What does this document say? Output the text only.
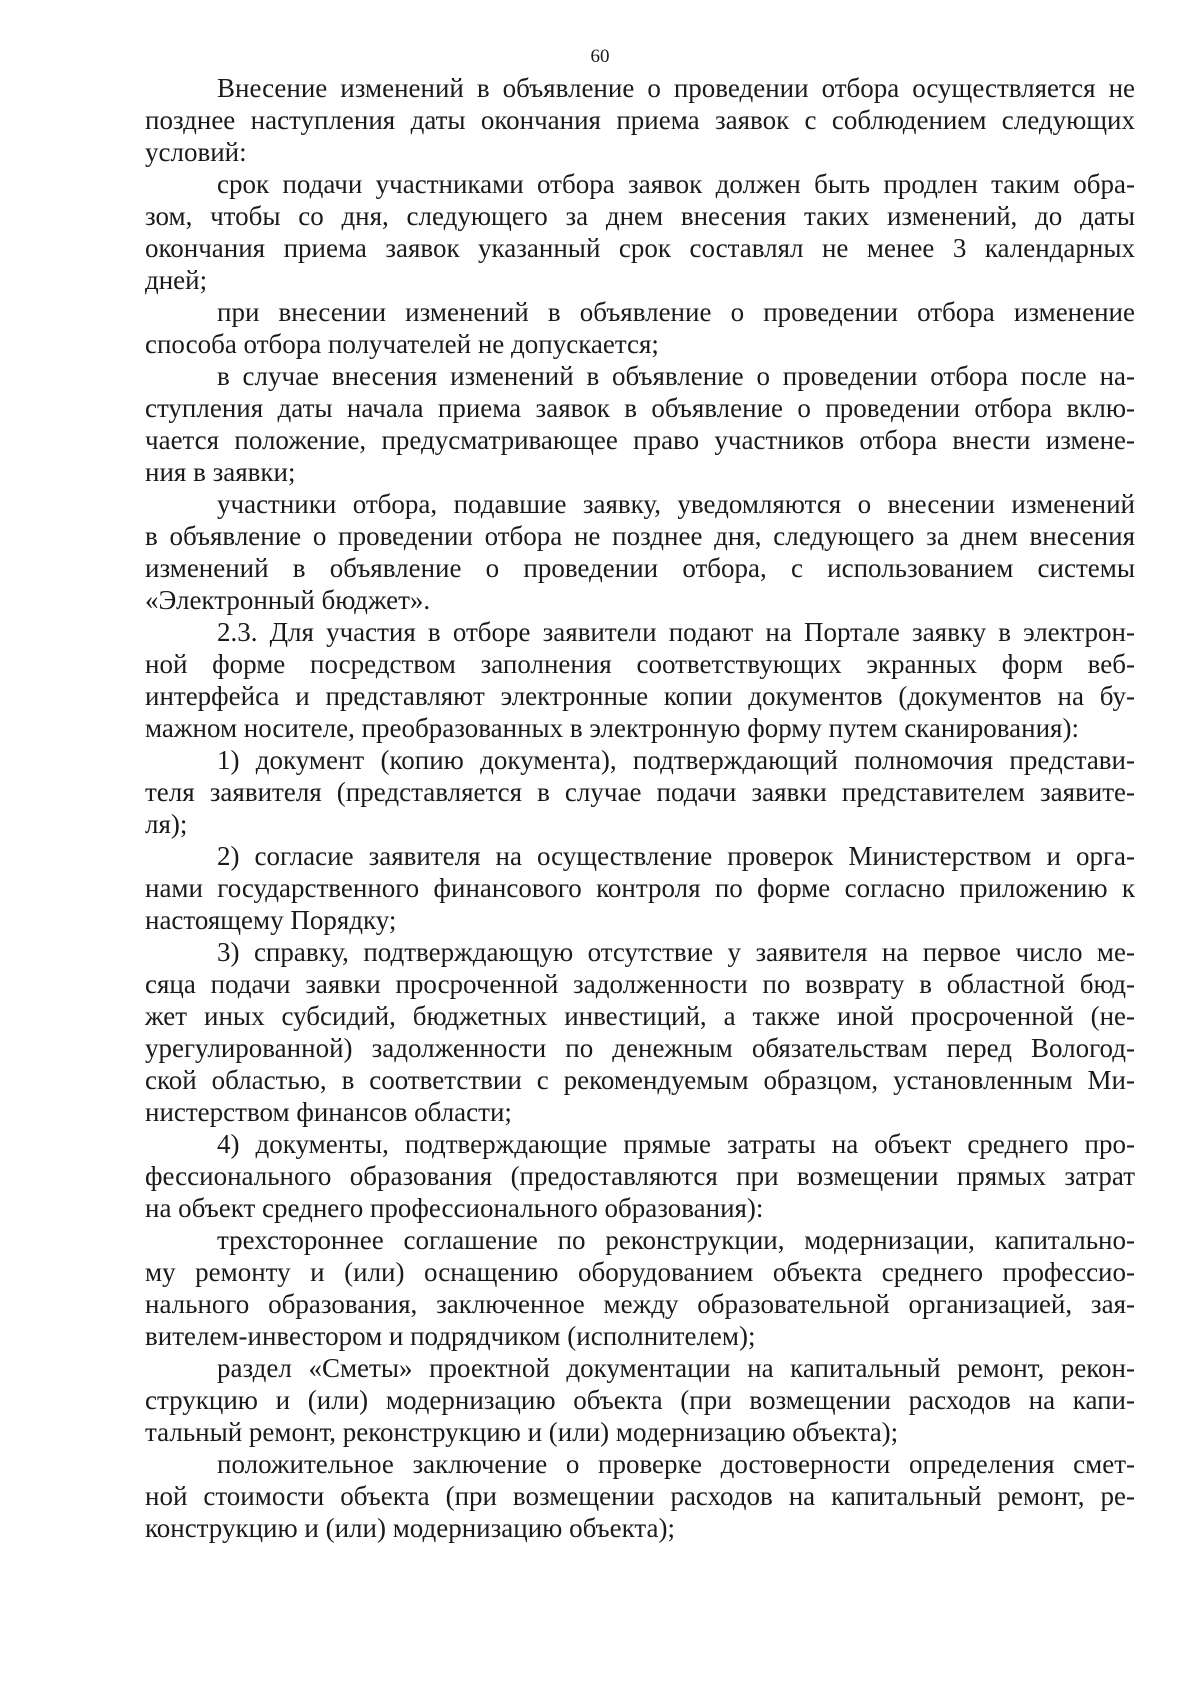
60
Внесение изменений в объявление о проведении отбора осуществляется не
позднее наступления даты окончания приема заявок с соблюдением следующих
условий:
срок подачи участниками отбора заявок должен быть продлен таким обра-
зом, чтобы со дня, следующего за днем внесения таких изменений, до даты
окончания приема заявок указанный срок составлял не менее 3 календарных
дней;
при внесении изменений в объявление о проведении отбора изменение
способа отбора получателей не допускается;
в случае внесения изменений в объявление о проведении отбора после на-
ступления даты начала приема заявок в объявление о проведении отбора вклю-
чается положение, предусматривающее право участников отбора внести измене-
ния в заявки;
участники отбора, подавшие заявку, уведомляются о внесении изменений
в объявление о проведении отбора не позднее дня, следующего за днем внесения
изменений в объявление о проведении отбора, с использованием системы
«Электронный бюджет».
2.3. Для участия в отборе заявители подают на Портале заявку в электрон-
ной форме посредством заполнения соответствующих экранных форм веб-
интерфейса и представляют электронные копии документов (документов на бу-
мажном носителе, преобразованных в электронную форму путем сканирования):
1) документ (копию документа), подтверждающий полномочия представи-
теля заявителя (представляется в случае подачи заявки представителем заявите-
ля);
2) согласие заявителя на осуществление проверок Министерством и орга-
нами государственного финансового контроля по форме согласно приложению к
настоящему Порядку;
3) справку, подтверждающую отсутствие у заявителя на первое число ме-
сяца подачи заявки просроченной задолженности по возврату в областной бюд-
жет иных субсидий, бюджетных инвестиций, а также иной просроченной (не-
урегулированной) задолженности по денежным обязательствам перед Вологод-
ской областью, в соответствии с рекомендуемым образцом, установленным Ми-
нистерством финансов области;
4) документы, подтверждающие прямые затраты на объект среднего про-
фессионального образования (предоставляются при возмещении прямых затрат
на объект среднего профессионального образования):
трехстороннее соглашение по реконструкции, модернизации, капитально-
му ремонту и (или) оснащению оборудованием объекта среднего профессио-
нального образования, заключенное между образовательной организацией, зая-
вителем-инвестором и подрядчиком (исполнителем);
раздел «Сметы» проектной документации на капитальный ремонт, рекон-
струкцию и (или) модернизацию объекта (при возмещении расходов на капи-
тальный ремонт, реконструкцию и (или) модернизацию объекта);
положительное заключение о проверке достоверности определения смет-
ной стоимости объекта (при возмещении расходов на капитальный ремонт, ре-
конструкцию и (или) модернизацию объекта);
